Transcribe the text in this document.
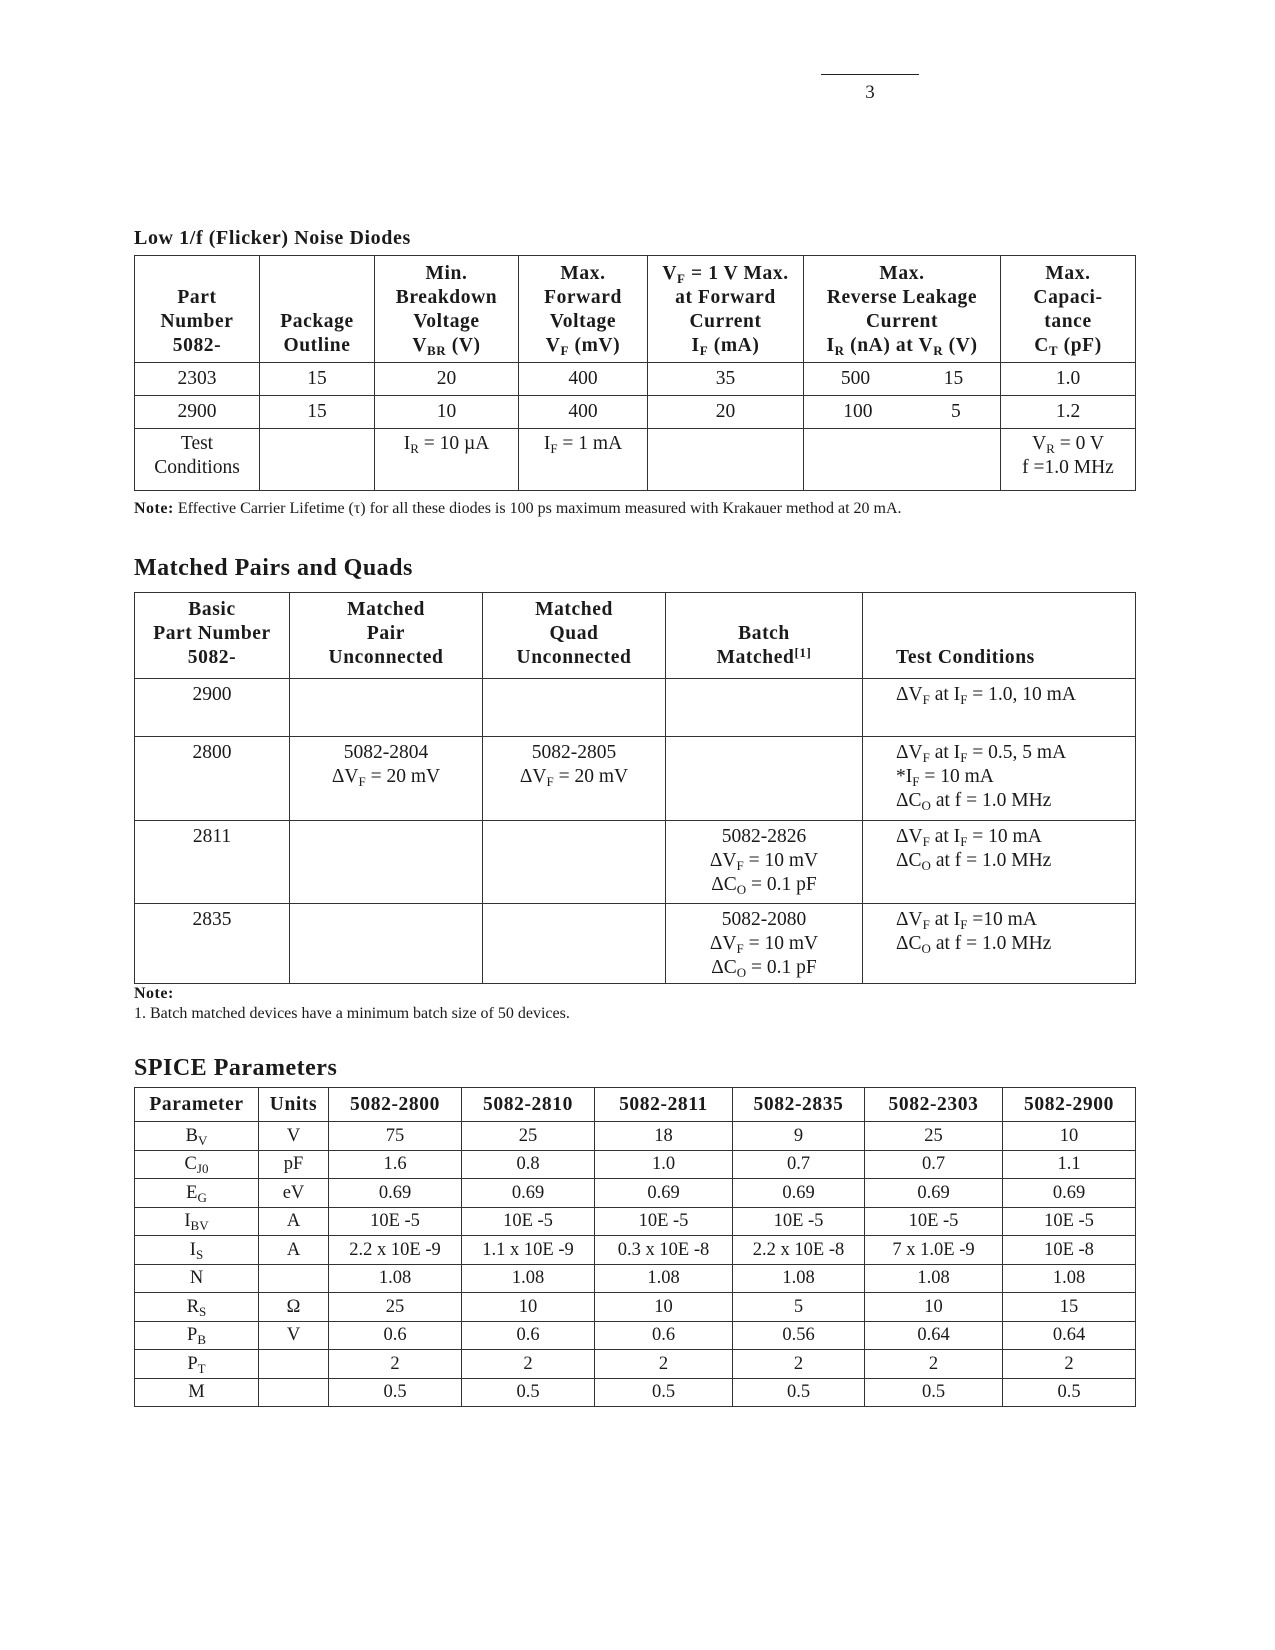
3
Low 1/f (Flicker) Noise Diodes
Part
Number
5082-	Package
Outline	Min.
Breakdown
Voltage
$V_{BR}$ (V)	Max.
Forward
Voltage
$V_F$ (mV)	$V_F = 1$ V Max.
at Forward
Current
$I_F$ (mA)	Max.
Reverse Leakage
Current
$I_R$ (nA) at $V_R$ (V)	Max.
Capaci-
tance
$C_T$ (pF)
2303	15	20	400	35	500 15	1.0
2900	15	10	400	20	100 5	1.2
Test
Conditions		$I_R = 10$ µA	$I_F = 1$ mA			$V_R = 0$ V
f =1.0 MHz
Note: Effective Carrier Lifetime (τ) for all these diodes is 100 ps maximum measured with Krakauer method at 20 mA.
Matched Pairs and Quads
Basic
Part Number
5082-	Matched
Pair
Unconnected	Matched
Quad
Unconnected	Batch
Matched[1]	Test Conditions
2900				$\Delta V_F$ at $I_F = 1.0$, 10 mA
2800	5082-2804
$\Delta V_F = 20$ mV	5082-2805
$\Delta V_F = 20$ mV		$\Delta V_F$ at $I_F = 0.5$, 5 mA
$*I_F = 10$ mA
$\Delta C_O$ at f = 1.0 MHz
2811			5082-2826
$\Delta V_F = 10$ mV
$\Delta C_O = 0.1$ pF	$\Delta V_F$ at $I_F = 10$ mA
$\Delta C_O$ at f = 1.0 MHz
2835			5082-2080
$\Delta V_F = 10$ mV
$\Delta C_O = 0.1$ pF	$\Delta V_F$ at $I_F =10$ mA
$\Delta C_O$ at f = 1.0 MHz
Note:
1. Batch matched devices have a minimum batch size of 50 devices.
SPICE Parameters
Parameter	Units	5082-2800	5082-2810	5082-2811	5082-2835	5082-2303	5082-2900
$B_V$	V	75	25	18	9	25	10
$C_{J0}$	pF	1.6	0.8	1.0	0.7	0.7	1.1
$E_G$	eV	0.69	0.69	0.69	0.69	0.69	0.69
$I_{BV}$	A	10E -5	10E -5	10E -5	10E -5	10E -5	10E -5
$I_S$	A	2.2 x 10E -9	1.1 x 10E -9	0.3 x 10E -8	2.2 x 10E -8	7 x 1.0E -9	10E -8
N		1.08	1.08	1.08	1.08	1.08	1.08
$R_S$	Ω	25	10	10	5	10	15
$P_B$	V	0.6	0.6	0.6	0.56	0.64	0.64
$P_T$		2	2	2	2	2	2
M		0.5	0.5	0.5	0.5	0.5	0.5
